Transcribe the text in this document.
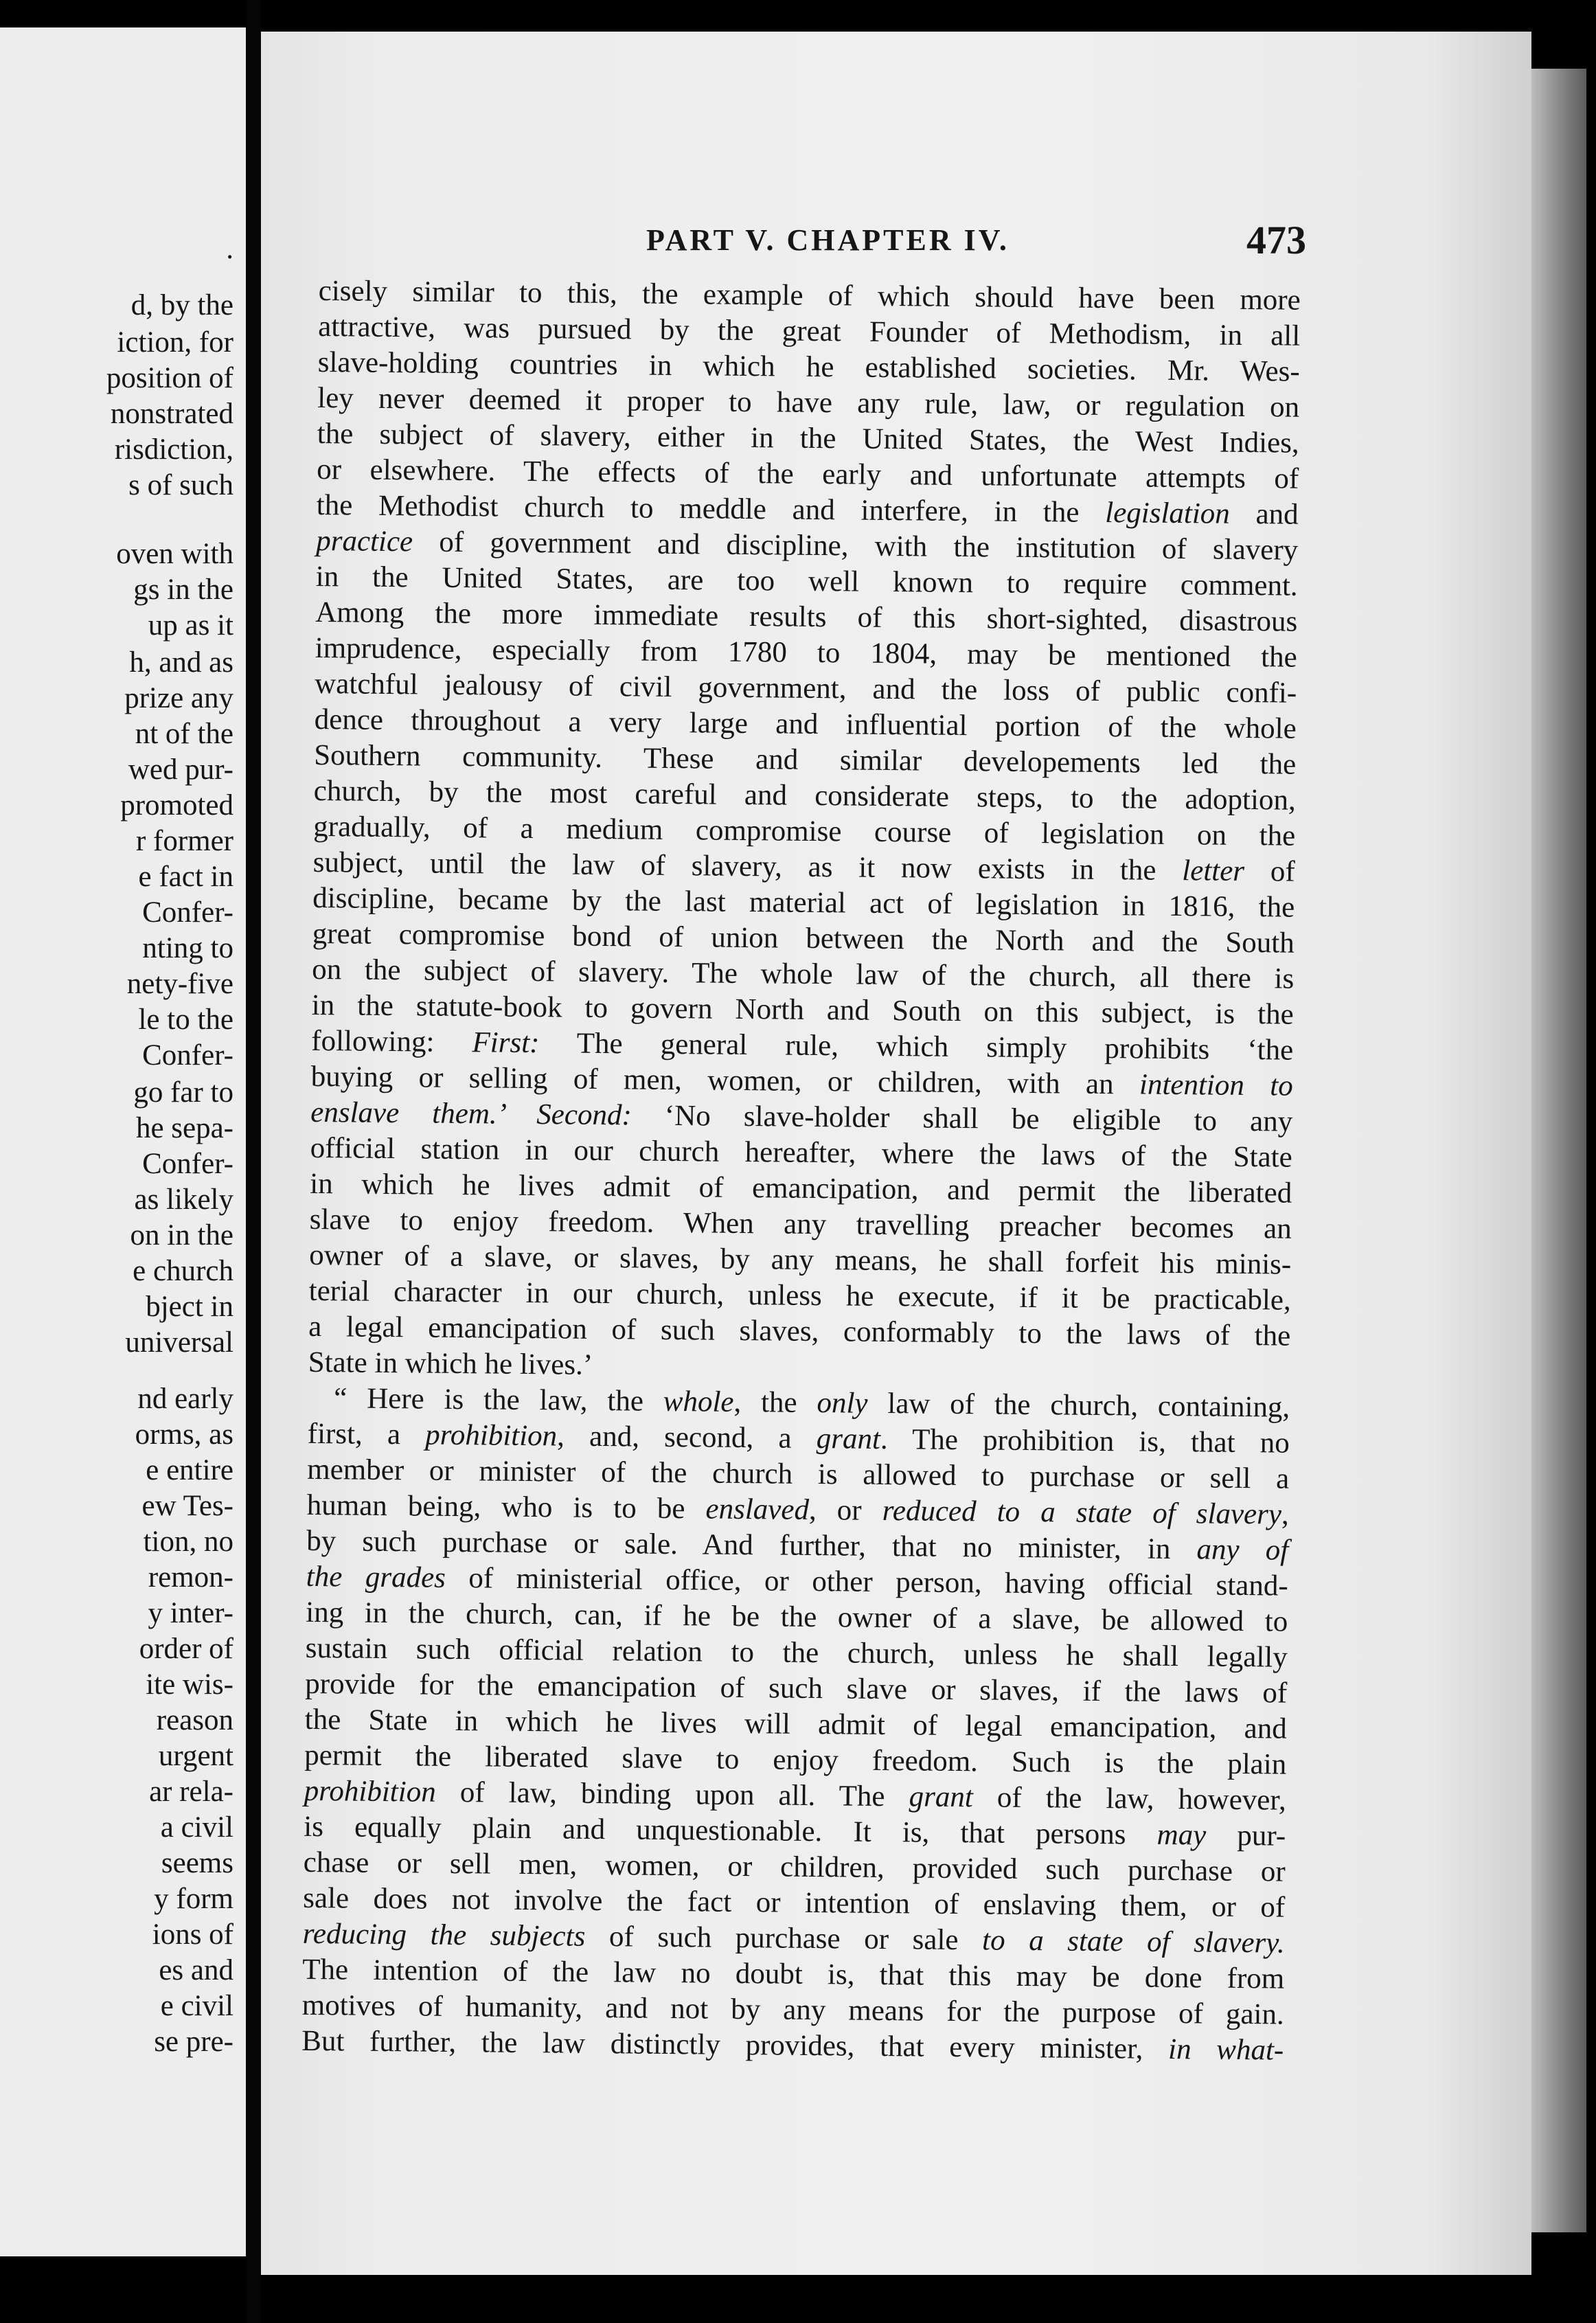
.
d, by the
iction, for
position of
nonstrated
risdiction,
s of such
oven with
gs in the
up as it
h, and as
prize any
nt of the
wed pur-
promoted
r former
e fact in
Confer-
nting to
nety-five
le to the
Confer-
go far to
he sepa-
Confer-
as likely
on in the
e church
bject in
universal
nd early
orms, as
e entire
ew Tes-
tion, no
remon-
y inter-
order of
ite wis-
reason
urgent
ar rela-
a civil
seems
y form
ions of
es and
e civil
se pre-
PART V. CHAPTER IV.	473
cisely similar to this, the example of which should have been more
attractive, was pursued by the great Founder of Methodism, in all
slave-holding countries in which he established societies. Mr. Wes-
ley never deemed it proper to have any rule, law, or regulation on
the subject of slavery, either in the United States, the West Indies,
or elsewhere. The effects of the early and unfortunate attempts of
the Methodist church to meddle and interfere, in the legislation and
practice of government and discipline, with the institution of slavery
in the United States, are too well known to require comment.
Among the more immediate results of this short-sighted, disastrous
imprudence, especially from 1780 to 1804, may be mentioned the
watchful jealousy of civil government, and the loss of public confi-
dence throughout a very large and influential portion of the whole
Southern community. These and similar developements led the
church, by the most careful and considerate steps, to the adoption,
gradually, of a medium compromise course of legislation on the
subject, until the law of slavery, as it now exists in the letter of
discipline, became by the last material act of legislation in 1816, the
great compromise bond of union between the North and the South
on the subject of slavery. The whole law of the church, all there is
in the statute-book to govern North and South on this subject, is the
following: First: The general rule, which simply prohibits ‘the
buying or selling of men, women, or children, with an intention to
enslave them.’ Second: ‘No slave-holder shall be eligible to any
official station in our church hereafter, where the laws of the State
in which he lives admit of emancipation, and permit the liberated
slave to enjoy freedom. When any travelling preacher becomes an
owner of a slave, or slaves, by any means, he shall forfeit his minis-
terial character in our church, unless he execute, if it be practicable,
a legal emancipation of such slaves, conformably to the laws of the
State in which he lives.’
“ Here is the law, the whole, the only law of the church, containing,
first, a prohibition, and, second, a grant. The prohibition is, that no
member or minister of the church is allowed to purchase or sell a
human being, who is to be enslaved, or reduced to a state of slavery,
by such purchase or sale. And further, that no minister, in any of
the grades of ministerial office, or other person, having official stand-
ing in the church, can, if he be the owner of a slave, be allowed to
sustain such official relation to the church, unless he shall legally
provide for the emancipation of such slave or slaves, if the laws of
the State in which he lives will admit of legal emancipation, and
permit the liberated slave to enjoy freedom. Such is the plain
prohibition of law, binding upon all. The grant of the law, however,
is equally plain and unquestionable. It is, that persons may pur-
chase or sell men, women, or children, provided such purchase or
sale does not involve the fact or intention of enslaving them, or of
reducing the subjects of such purchase or sale to a state of slavery.
The intention of the law no doubt is, that this may be done from
motives of humanity, and not by any means for the purpose of gain.
But further, the law distinctly provides, that every minister, in what-
